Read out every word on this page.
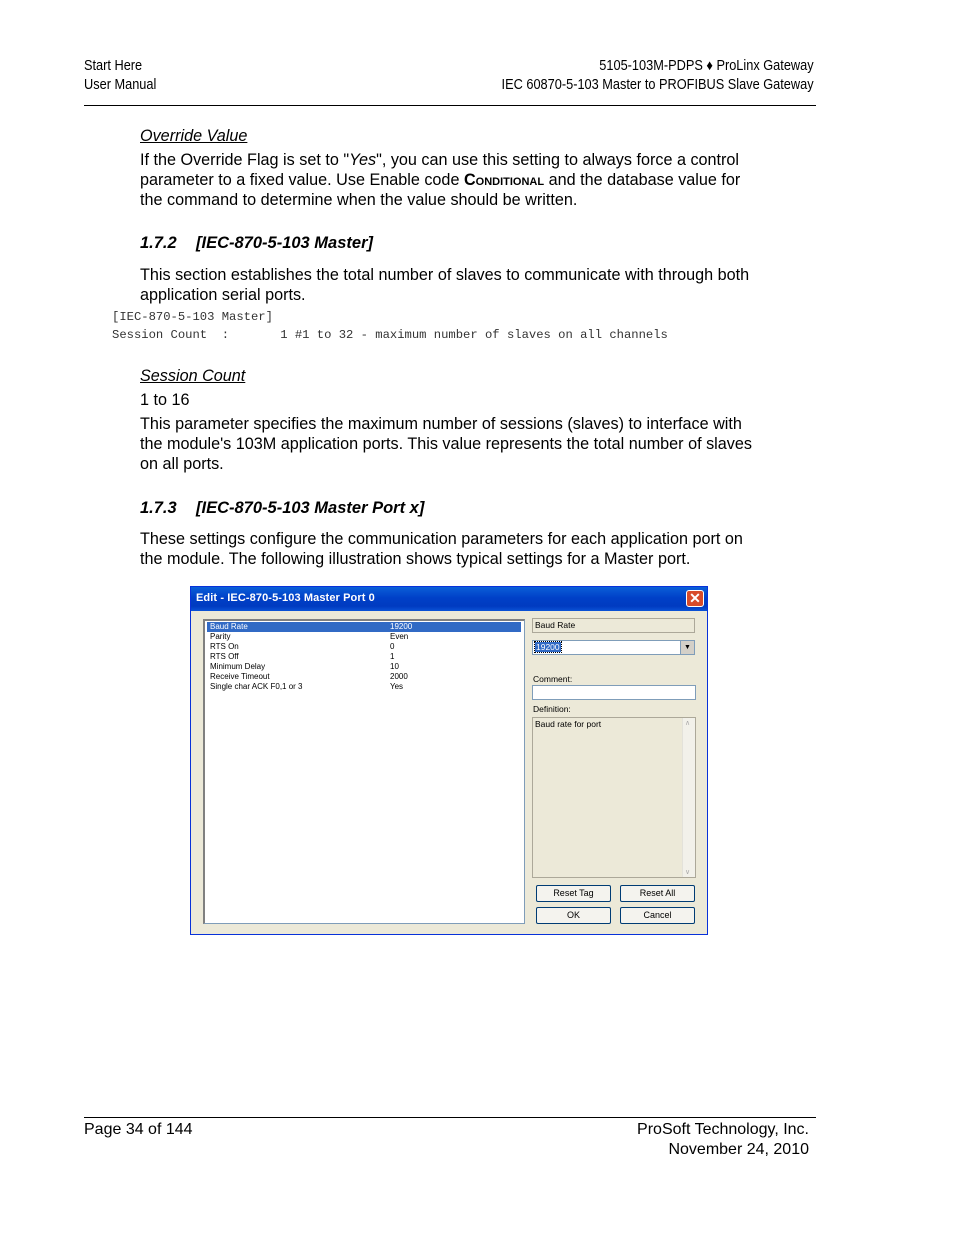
Start Here
User Manual
5105-103M-PDPS ♦ ProLinx Gateway
IEC 60870-5-103 Master to PROFIBUS Slave Gateway
Override Value
If the Override Flag is set to "Yes", you can use this setting to always force a control parameter to a fixed value. Use Enable code Conditional and the database value for the command to determine when the value should be written.
1.7.2 [IEC-870-5-103 Master]
This section establishes the total number of slaves to communicate with through both application serial ports.
[IEC-870-5-103 Master]
Session Count  :       1 #1 to 32 - maximum number of slaves on all channels
Session Count
1 to 16
This parameter specifies the maximum number of sessions (slaves) to interface with the module's 103M application ports. This value represents the total number of slaves on all ports.
1.7.3 [IEC-870-5-103 Master Port x]
These settings configure the communication parameters for each application port on the module. The following illustration shows typical settings for a Master port.
Edit - IEC-870-5-103 Master Port 0	✕
Baud Rate	19200
Parity	Even
RTS On	0
RTS Off	1
Minimum Delay	10
Receive Timeout	2000
Single char ACK F0,1 or 3	Yes
Baud Rate
19200	▼
Comment:
Definition:
Baud rate for port	∧
∨
Reset Tag	Reset All
OK	Cancel
Page 34 of 144	ProSoft Technology, Inc.
November 24, 2010
